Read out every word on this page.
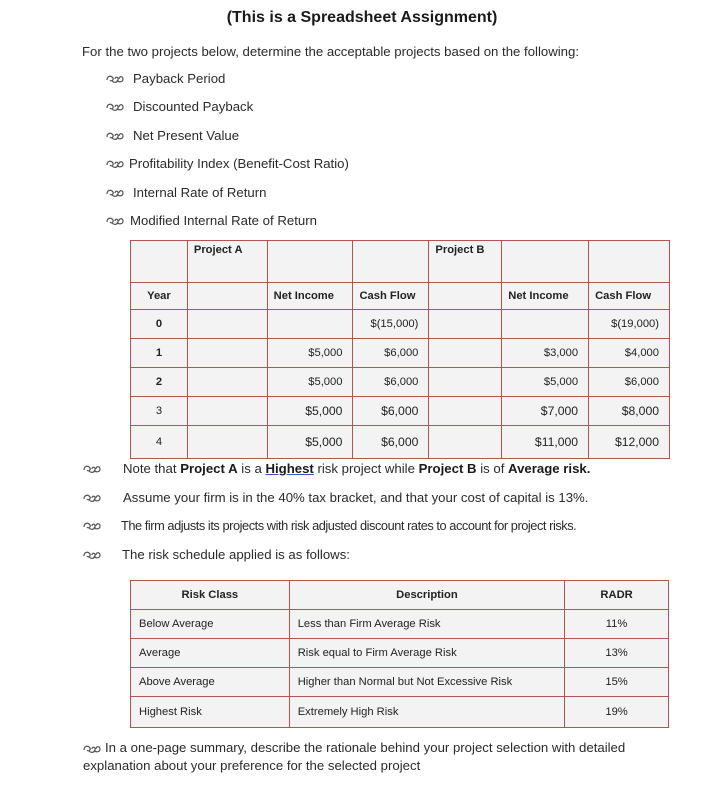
(This is a Spreadsheet Assignment)
For the two projects below, determine the acceptable projects based on the following:
Payback Period
Discounted Payback
Net Present Value
Profitability Index (Benefit-Cost Ratio)
Internal Rate of Return
Modified Internal Rate of Return
	Project A			Project B		
Year		Net Income	Cash Flow		Net Income	Cash Flow
0			$(15,000)			$(19,000)
1		$5,000	$6,000		$3,000	$4,000
2		$5,000	$6,000		$5,000	$6,000
3		$5,000	$6,000		$7,000	$8,000
4		$5,000	$6,000		$11,000	$12,000
Note that Project A is a Highest risk project while Project B is of Average risk.
Assume your firm is in the 40% tax bracket, and that your cost of capital is 13%.
The firm adjusts its projects with risk adjusted discount rates to account for project risks.
The risk schedule applied is as follows:
Risk Class	Description	RADR
Below Average	Less than Firm Average Risk	11%
Average	Risk equal to Firm Average Risk	13%
Above Average	Higher than Normal but Not Excessive Risk	15%
Highest Risk	Extremely High Risk	19%
In a one-page summary, describe the rationale behind your project selection with detailed explanation about your preference for the selected project
